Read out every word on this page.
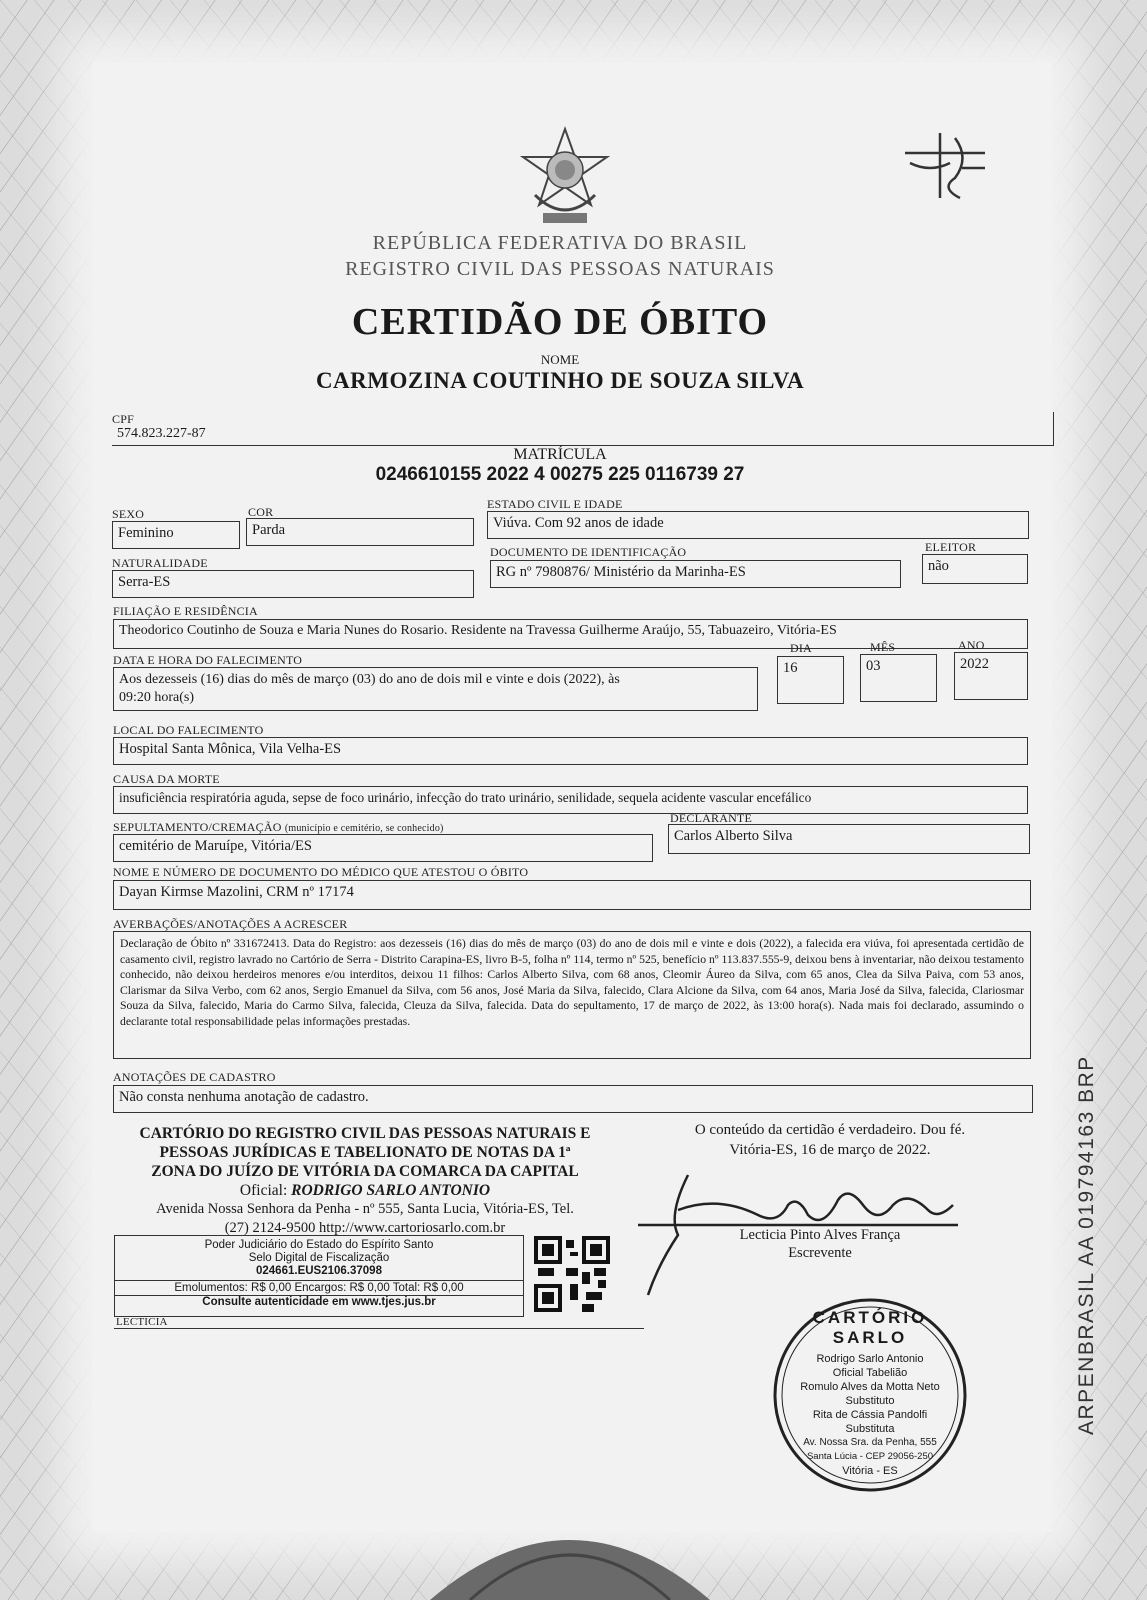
REPÚBLICA FEDERATIVA DO BRASIL
REGISTRO CIVIL DAS PESSOAS NATURAIS
CERTIDÃO DE ÓBITO
NOME
CARMOZINA COUTINHO DE SOUZA SILVA
CPF
574.823.227-87
MATRÍCULA
0246610155 2022 4 00275 225 0116739 27
SEXO
Feminino
COR
Parda
ESTADO CIVIL E IDADE
Viúva. Com 92 anos de idade
NATURALIDADE
Serra-ES
DOCUMENTO DE IDENTIFICAÇÃO
RG nº 7980876/ Ministério da Marinha-ES
ELEITOR
não
FILIAÇÃO E RESIDÊNCIA
Theodorico Coutinho de Souza e Maria Nunes do Rosario. Residente na Travessa Guilherme Araújo, 55, Tabuazeiro, Vitória-ES
DATA E HORA DO FALECIMENTO
Aos dezesseis (16) dias do mês de março (03) do ano de dois mil e vinte e dois (2022), às
09:20 hora(s)
DIA
16
MÊS
03
ANO
2022
LOCAL DO FALECIMENTO
Hospital Santa Mônica, Vila Velha-ES
CAUSA DA MORTE
insuficiência respiratória aguda, sepse de foco urinário, infecção do trato urinário, senilidade, sequela acidente vascular encefálico
SEPULTAMENTO/CREMAÇÃO (município e cemitério, se conhecido)
cemitério de Maruípe, Vitória/ES
DECLARANTE
Carlos Alberto Silva
NOME E NÚMERO DE DOCUMENTO DO MÉDICO QUE ATESTOU O ÓBITO
Dayan Kirmse Mazolini, CRM nº 17174
AVERBAÇÕES/ANOTAÇÕES A ACRESCER
Declaração de Óbito nº 331672413. Data do Registro: aos dezesseis (16) dias do mês de março (03) do ano de dois mil e vinte e dois (2022), a falecida era viúva, foi apresentada certidão de casamento civil, registro lavrado no Cartório de Serra - Distrito Carapina-ES, livro B-5, folha nº 114, termo nº 525, benefício nº 113.837.555-9, deixou bens à inventariar, não deixou testamento conhecido, não deixou herdeiros menores e/ou interditos, deixou 11 filhos: Carlos Alberto Silva, com 68 anos, Cleomir Áureo da Silva, com 65 anos, Clea da Silva Paiva, com 53 anos, Clarismar da Silva Verbo, com 62 anos, Sergio Emanuel da Silva, com 56 anos, José Maria da Silva, falecido, Clara Alcione da Silva, com 64 anos, Maria José da Silva, falecida, Clariosmar Souza da Silva, falecido, Maria do Carmo Silva, falecida, Cleuza da Silva, falecida. Data do sepultamento, 17 de março de 2022, às 13:00 hora(s). Nada mais foi declarado, assumindo o declarante total responsabilidade pelas informações prestadas.
ANOTAÇÕES DE CADASTRO
Não consta nenhuma anotação de cadastro.
CARTÓRIO DO REGISTRO CIVIL DAS PESSOAS NATURAIS E
PESSOAS JURÍDICAS E TABELIONATO DE NOTAS DA 1ª
ZONA DO JUÍZO DE VITÓRIA DA COMARCA DA CAPITAL
Oficial: RODRIGO SARLO ANTONIO
Avenida Nossa Senhora da Penha - nº 555, Santa Lucia, Vitória-ES, Tel.
(27) 2124-9500 http://www.cartoriosarlo.com.br
O conteúdo da certidão é verdadeiro. Dou fé.
Vitória-ES, 16 de março de 2022.
Lecticia Pinto Alves França
Escrevente
Poder Judiciário do Estado do Espírito Santo
Selo Digital de Fiscalização
024661.EUS2106.37098
Emolumentos: R$ 0,00 Encargos: R$ 0,00 Total: R$ 0,00
Consulte autenticidade em www.tjes.jus.br
LECTICIA	CARTÓRIO SARLO
Rodrigo Sarlo Antonio
Oficial Tabelião
Romulo Alves da Motta Neto
Substituto
Rita de Cássia Pandolfi
Substituta
Av. Nossa Sra. da Penha, 555
Santa Lúcia - CEP 29056-250
Vitória - ES
ARPENBRASIL AA 019794163 BRP
